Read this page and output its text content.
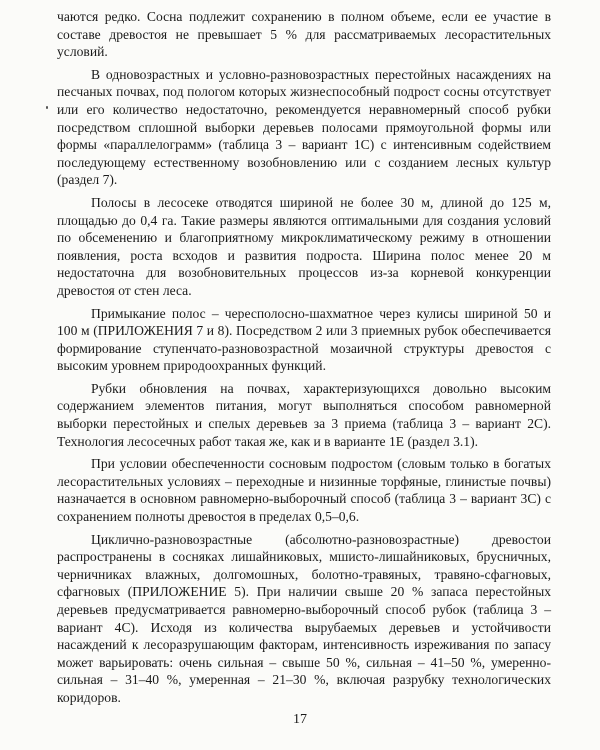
чаются редко. Сосна подлежит сохранению в полном объеме, если ее участие в составе древостоя не превышает 5 % для рассматриваемых лесорастительных условий.

В одновозрастных и условно-разновозрастных перестойных насаждениях на песчаных почвах, под пологом которых жизнеспособный подрост сосны отсутствует или его количество недостаточно, рекомендуется неравномерный способ рубки посредством сплошной выборки деревьев полосами прямоугольной формы или формы «параллелограмм» (таблица 3 – вариант 1С) с интенсивным содействием последующему естественному возобновлению или с созданием лесных культур (раздел 7).

Полосы в лесосеке отводятся шириной не более 30 м, длиной до 125 м, площадью до 0,4 га. Такие размеры являются оптимальными для создания условий по обсеменению и благоприятному микроклиматическому режиму в отношении появления, роста всходов и развития подроста. Ширина полос менее 20 м недостаточна для возобновительных процессов из-за корневой конкуренции древостоя от стен леса.

Примыкание полос – чересполосно-шахматное через кулисы шириной 50 и 100 м (ПРИЛОЖЕНИЯ 7 и 8). Посредством 2 или 3 приемных рубок обеспечивается формирование ступенчато-разновозрастной мозаичной структуры древостоя с высоким уровнем природоохранных функций.

Рубки обновления на почвах, характеризующихся довольно высоким содержанием элементов питания, могут выполняться способом равномерной выборки перестойных и спелых деревьев за 3 приема (таблица 3 – вариант 2С). Технология лесосечных работ такая же, как и в варианте 1Е (раздел 3.1).

При условии обеспеченности сосновым подростом (словым только в богатых лесорастительных условиях – переходные и низинные торфяные, глинистые почвы) назначается в основном равномерно-выборочный способ (таблица 3 – вариант 3С) с сохранением полноты древостоя в пределах 0,5–0,6.

Циклично-разновозрастные (абсолютно-разновозрастные) древостои распространены в сосняках лишайниковых, мшисто-лишайниковых, брусничных, черничниках влажных, долгомошных, болотно-травяных, травяно-сфагновых, сфагновых (ПРИЛОЖЕНИЕ 5). При наличии свыше 20 % запаса перестойных деревьев предусматривается равномерно-выборочный способ рубок (таблица 3 – вариант 4С). Исходя из количества вырубаемых деревьев и устойчивости насаждений к лесоразрушающим факторам, интенсивность изреживания по запасу может варьировать: очень сильная – свыше 50 %, сильная – 41–50 %, умеренно-сильная – 31–40 %, умеренная – 21–30 %, включая разрубку технологических коридоров.

17
